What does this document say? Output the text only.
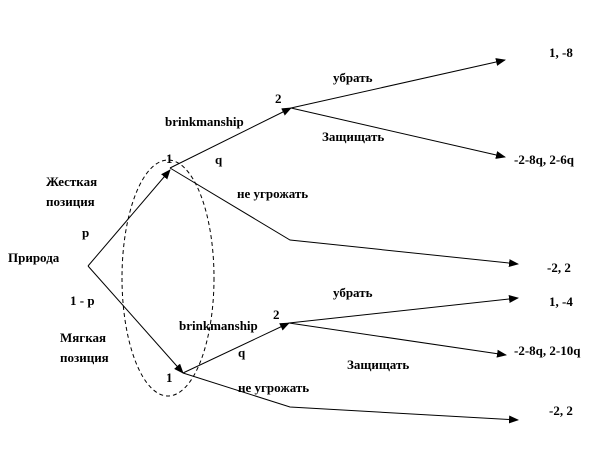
Природа
1
1
2
2
Жесткая
позиция
p
1 - p
Мягкая
позиция
brinkmanship
q
не угрожать
brinkmanship
q
не угрожать
убрать
Защищать
убрать
Защищать
1, -8
-2-8q, 2-6q
-2, 2
1, -4
-2-8q, 2-10q
-2, 2
